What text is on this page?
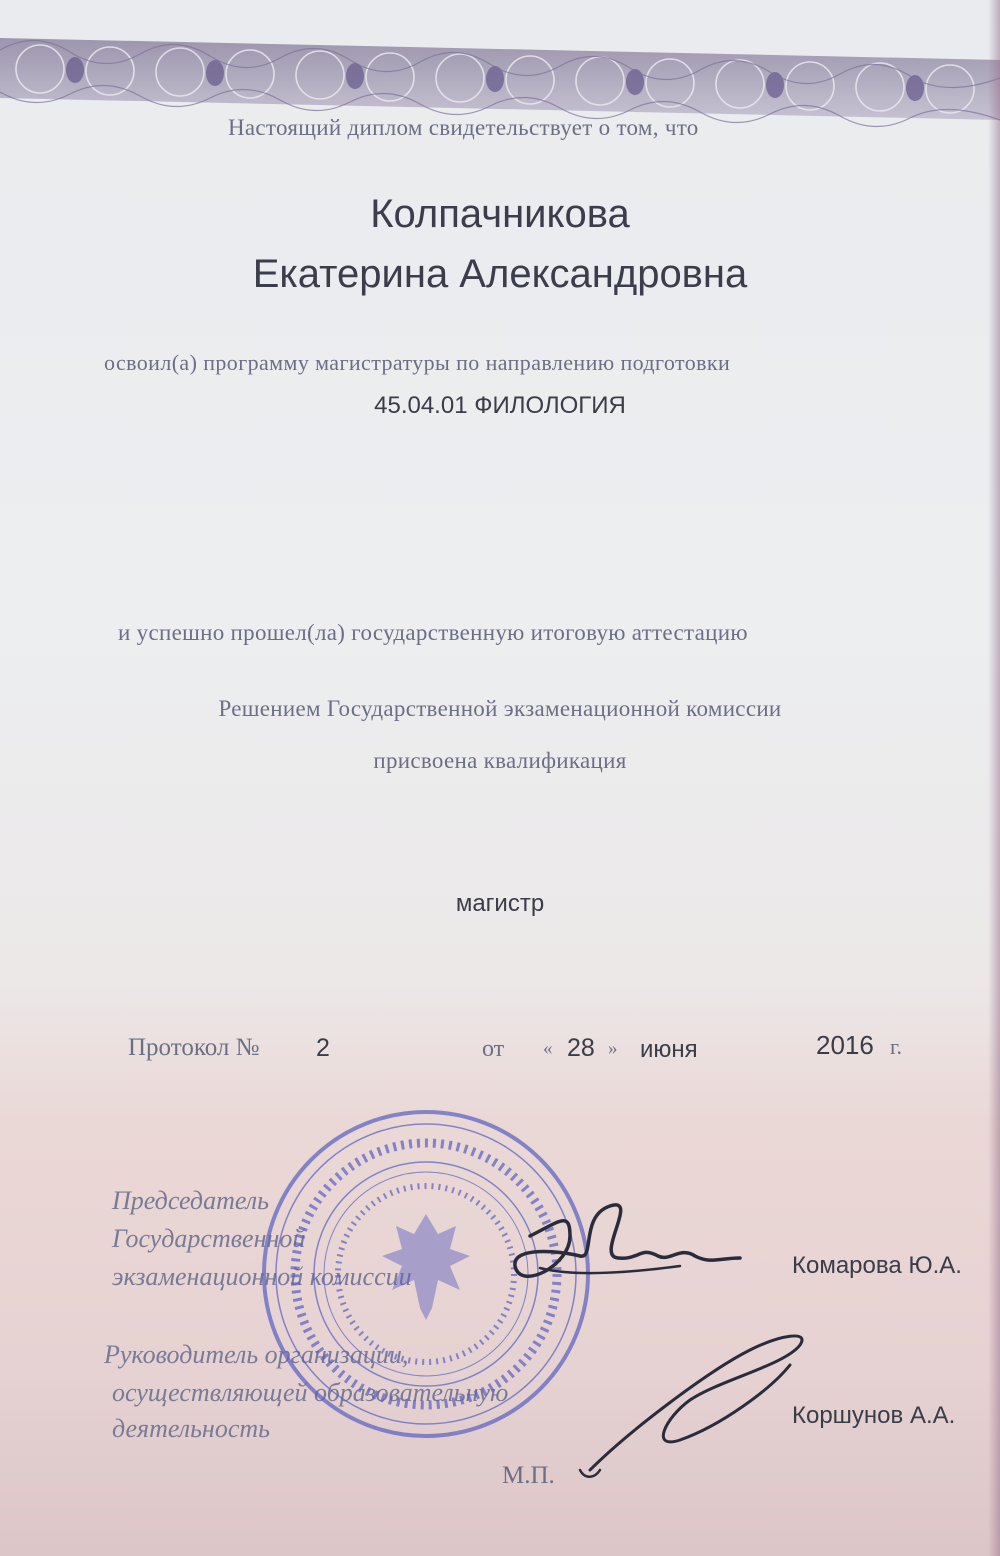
Настоящий диплом свидетельствует о том, что

Колпачникова

Екатерина Александровна

освоил(а) программу магистратуры по направлению подготовки

45.04.01 ФИЛОЛОГИЯ

и успешно прошел(ла) государственную итоговую аттестацию

Решением Государственной экзаменационной комиссии

присвоена квалификация

магистр

Протокол № 2	от « 28 » июня	2016 г.

Председатель

Государственной

экзаменационной комиссии	Комарова Ю.А.

Руководитель организации,

осуществляющей образовательную

деятельность	Коршунов А.А.

М.П.
